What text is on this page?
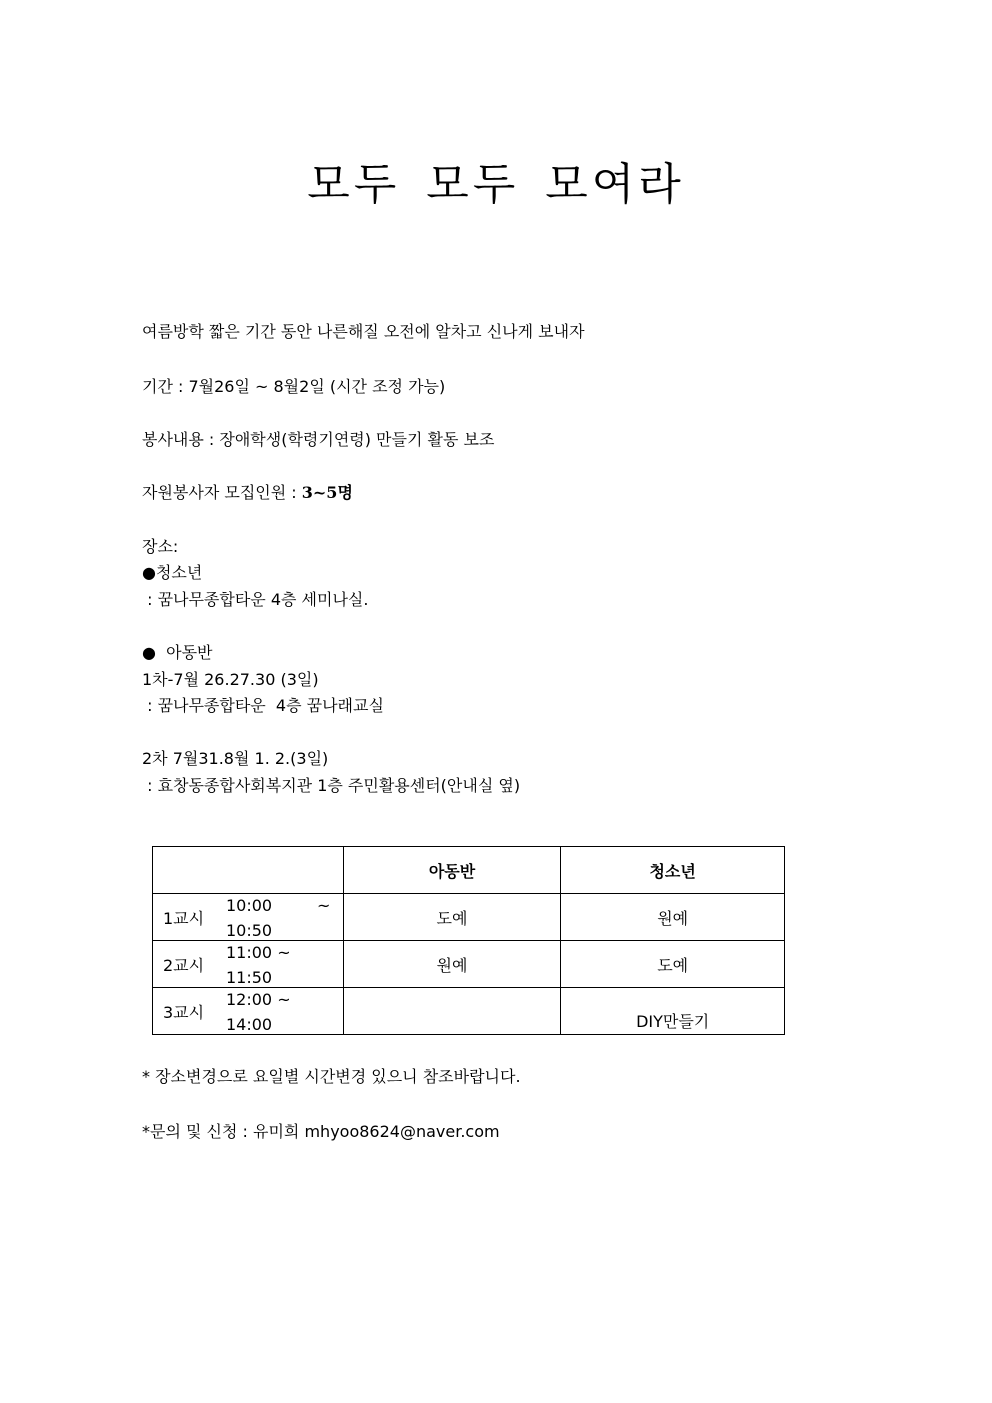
모두 모두 모여라
여름방학 짧은 기간 동안 나른해질 오전에 알차고 신나게 보내자
기간 : 7월26일 ~ 8월2일 (시간 조정 가능)
봉사내용 : 장애학생(학령기연령) 만들기 활동 보조
자원봉사자 모집인원 : 3~5명
장소:
●청소년
: 꿈나무종합타운 4층 세미나실.
●  아동반
1차-7월 26.27.30 (3일)
: 꿈나무종합타운  4층 꿈나래교실
2차 7월31.8월 1. 2.(3일)
: 효창동종합사회복지관 1층 주민활용센터(안내실 옆)
	아동반	청소년

1교시
10:00 ~
10:50	도예	원예

2교시
11:00 ~
11:50	원예	도예

3교시
12:00 ~
14:00		DIY만들기
* 장소변경으로 요일별 시간변경 있으니 참조바랍니다.
*문의 및 신청 : 유미희 mhyoo8624@naver.com
